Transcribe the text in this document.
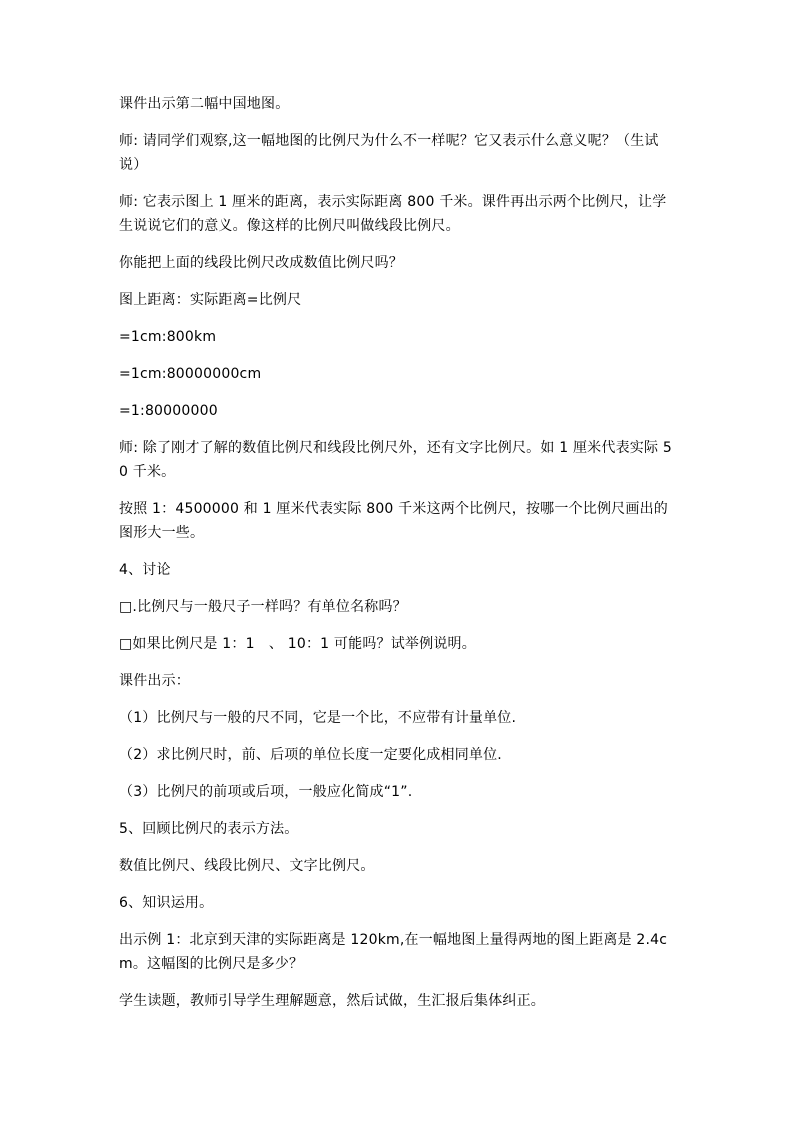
课件出示第二幅中国地图。

师: 请同学们观察,这一幅地图的比例尺为什么不一样呢？它又表示什么意义呢？（生试说）

师: 它表示图上 1 厘米的距离，表示实际距离 800 千米。课件再出示两个比例尺，让学生说说它们的意义。像这样的比例尺叫做线段比例尺。

你能把上面的线段比例尺改成数值比例尺吗？

图上距离：实际距离=比例尺

=1cm:800km

=1cm:80000000cm

=1:80000000

师: 除了刚才了解的数值比例尺和线段比例尺外，还有文字比例尺。如 1 厘米代表实际 50 千米。

按照 1：4500000 和 1 厘米代表实际 800 千米这两个比例尺，按哪一个比例尺画出的图形大一些。

4、讨论

□.比例尺与一般尺子一样吗？有单位名称吗？

□如果比例尺是 1：1　、 10：1 可能吗？试举例说明。

课件出示：

（1）比例尺与一般的尺不同，它是一个比，不应带有计量单位.

（2）求比例尺时，前、后项的单位长度一定要化成相同单位.

（3）比例尺的前项或后项，一般应化简成“1”.

5、回顾比例尺的表示方法。

数值比例尺、线段比例尺、文字比例尺。

6、知识运用。

出示例 1：北京到天津的实际距离是 120km,在一幅地图上量得两地的图上距离是 2.4cm。这幅图的比例尺是多少？

学生读题，教师引导学生理解题意，然后试做，生汇报后集体纠正。
